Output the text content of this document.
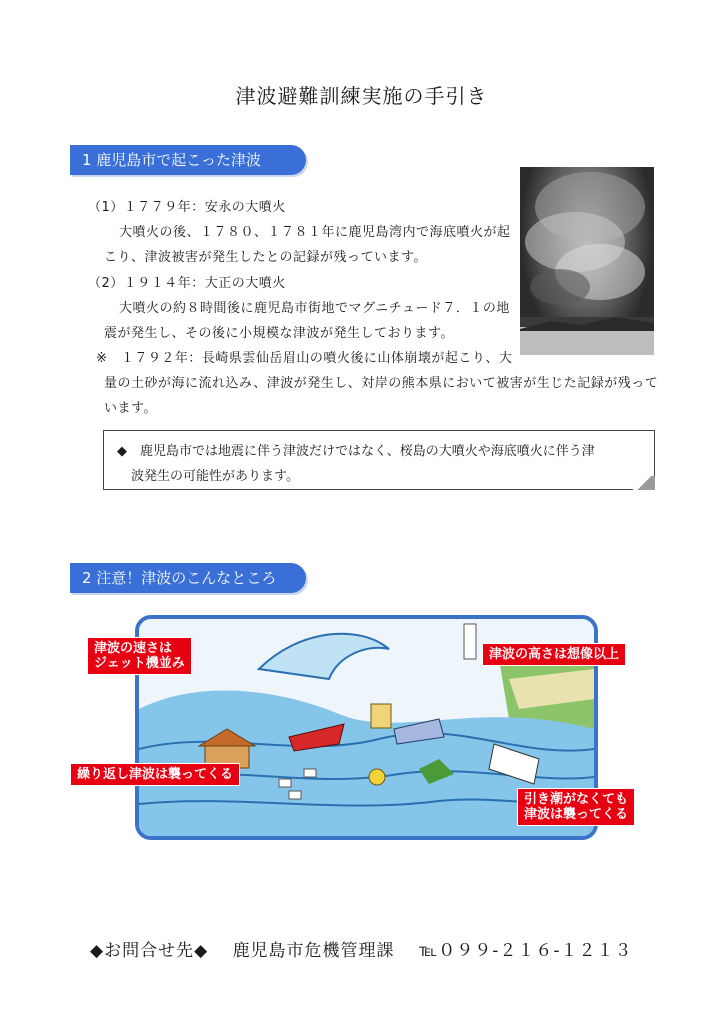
津波避難訓練実施の手引き
1 鹿児島市で起こった津波
（1）１７７９年：安永の大噴火
大噴火の後、１７８０、１７８１年に鹿児島湾内で海底噴火が起
こり、津波被害が発生したとの記録が残っています。
（2）１９１４年：大正の大噴火
大噴火の約８時間後に鹿児島市街地でマグニチュード７．１の地
震が発生し、その後に小規模な津波が発生しております。
※　１７９２年：長崎県雲仙岳眉山の噴火後に山体崩壊が起こり、大
量の土砂が海に流れ込み、津波が発生し、対岸の熊本県において被害が生じた記録が残って
います。
◆　鹿児島市では地震に伴う津波だけではなく、桜島の大噴火や海底噴火に伴う津
波発生の可能性があります。
2 注意！津波のこんなところ
津波の速さは
ジェット機並み
津波の高さは想像以上
繰り返し津波は襲ってくる
引き潮がなくても
津波は襲ってくる
◆お問合せ先◆ 鹿児島市危機管理課 ℡０９９-２１６-１２１３
